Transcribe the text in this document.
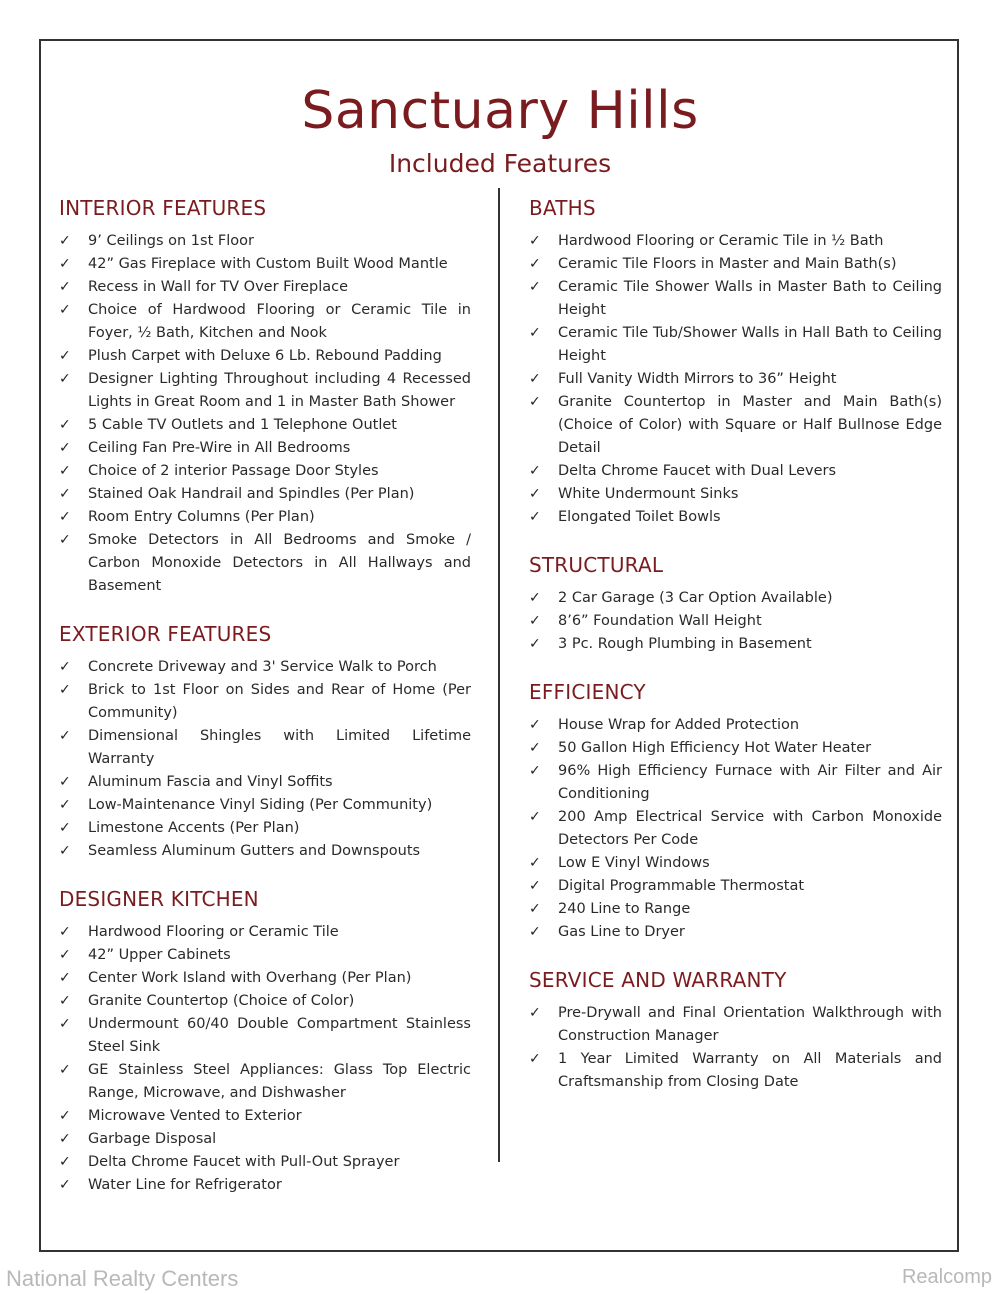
Sanctuary Hills
Included Features
INTERIOR FEATURES
✓ 9’ Ceilings on 1st Floor
✓ 42” Gas Fireplace with Custom Built Wood Mantle
✓ Recess in Wall for TV Over Fireplace
✓ Choice of Hardwood Flooring or Ceramic Tile in Foyer, ½ Bath, Kitchen and Nook
✓ Plush Carpet with Deluxe 6 Lb. Rebound Padding
✓ Designer Lighting Throughout including 4 Recessed Lights in Great Room and 1 in Master Bath Shower
✓ 5 Cable TV Outlets and 1 Telephone Outlet
✓ Ceiling Fan Pre-Wire in All Bedrooms
✓ Choice of 2 interior Passage Door Styles
✓ Stained Oak Handrail and Spindles (Per Plan)
✓ Room Entry Columns (Per Plan)
✓ Smoke Detectors in All Bedrooms and Smoke / Carbon Monoxide Detectors in All Hallways and Basement
EXTERIOR FEATURES
✓ Concrete Driveway and 3' Service Walk to Porch
✓ Brick to 1st Floor on Sides and Rear of Home (Per Community)
✓ Dimensional Shingles with Limited Lifetime Warranty
✓ Aluminum Fascia and Vinyl Soffits
✓ Low-Maintenance Vinyl Siding (Per Community)
✓ Limestone Accents (Per Plan)
✓ Seamless Aluminum Gutters and Downspouts
DESIGNER KITCHEN
✓ Hardwood Flooring or Ceramic Tile
✓ 42” Upper Cabinets
✓ Center Work Island with Overhang (Per Plan)
✓ Granite Countertop (Choice of Color)
✓ Undermount 60/40 Double Compartment Stainless Steel Sink
✓ GE Stainless Steel Appliances: Glass Top Electric Range, Microwave, and Dishwasher
✓ Microwave Vented to Exterior
✓ Garbage Disposal
✓ Delta Chrome Faucet with Pull-Out Sprayer
✓ Water Line for Refrigerator
BATHS
✓ Hardwood Flooring or Ceramic Tile in ½ Bath
✓ Ceramic Tile Floors in Master and Main Bath(s)
✓ Ceramic Tile Shower Walls in Master Bath to Ceiling Height
✓ Ceramic Tile Tub/Shower Walls in Hall Bath to Ceiling Height
✓ Full Vanity Width Mirrors to 36” Height
✓ Granite Countertop in Master and Main Bath(s) (Choice of Color) with Square or Half Bullnose Edge Detail
✓ Delta Chrome Faucet with Dual Levers
✓ White Undermount Sinks
✓ Elongated Toilet Bowls
STRUCTURAL
✓ 2 Car Garage (3 Car Option Available)
✓ 8’6” Foundation Wall Height
✓ 3 Pc. Rough Plumbing in Basement
EFFICIENCY
✓ House Wrap for Added Protection
✓ 50 Gallon High Efficiency Hot Water Heater
✓ 96% High Efficiency Furnace with Air Filter and Air Conditioning
✓ 200 Amp Electrical Service with Carbon Monoxide Detectors Per Code
✓ Low E Vinyl Windows
✓ Digital Programmable Thermostat
✓ 240 Line to Range
✓ Gas Line to Dryer
SERVICE AND WARRANTY
✓ Pre-Drywall and Final Orientation Walkthrough with Construction Manager
✓ 1 Year Limited Warranty on All Materials and Craftsmanship from Closing Date
National Realty Centers	Realcomp
